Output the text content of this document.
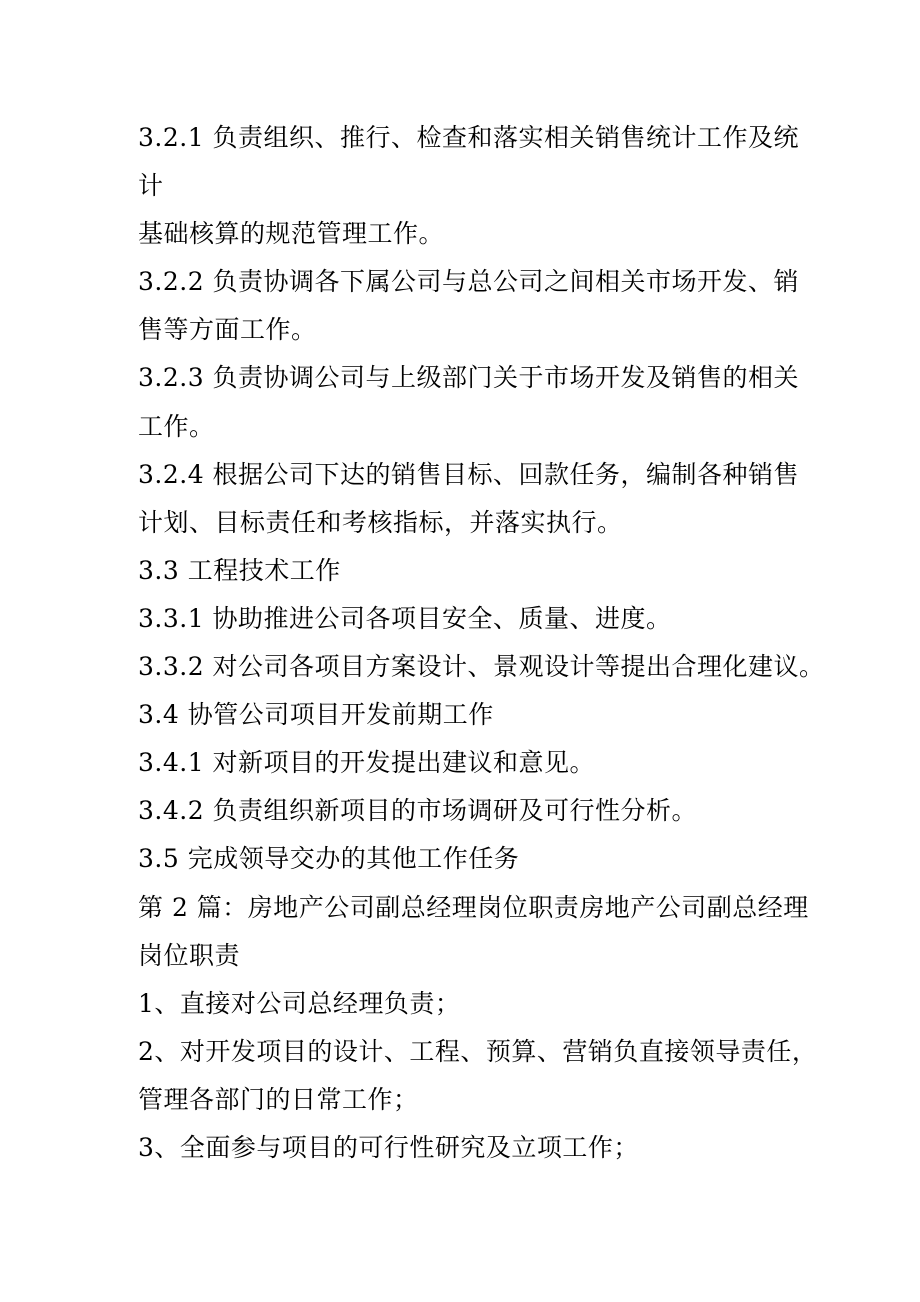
3.2.1 负责组织、推行、检查和落实相关销售统计工作及统
计
基础核算的规范管理工作。
3.2.2 负责协调各下属公司与总公司之间相关市场开发、销
售等方面工作。
3.2.3 负责协调公司与上级部门关于市场开发及销售的相关
工作。
3.2.4 根据公司下达的销售目标、回款任务，编制各种销售
计划、目标责任和考核指标，并落实执行。
3.3 工程技术工作
3.3.1 协助推进公司各项目安全、质量、进度。
3.3.2 对公司各项目方案设计、景观设计等提出合理化建议。
3.4 协管公司项目开发前期工作
3.4.1 对新项目的开发提出建议和意见。
3.4.2 负责组织新项目的市场调研及可行性分析。
3.5 完成领导交办的其他工作任务
第 2 篇：房地产公司副总经理岗位职责房地产公司副总经理
岗位职责
1、直接对公司总经理负责；
2、对开发项目的设计、工程、预算、营销负直接领导责任，
管理各部门的日常工作；
3、全面参与项目的可行性研究及立项工作；
